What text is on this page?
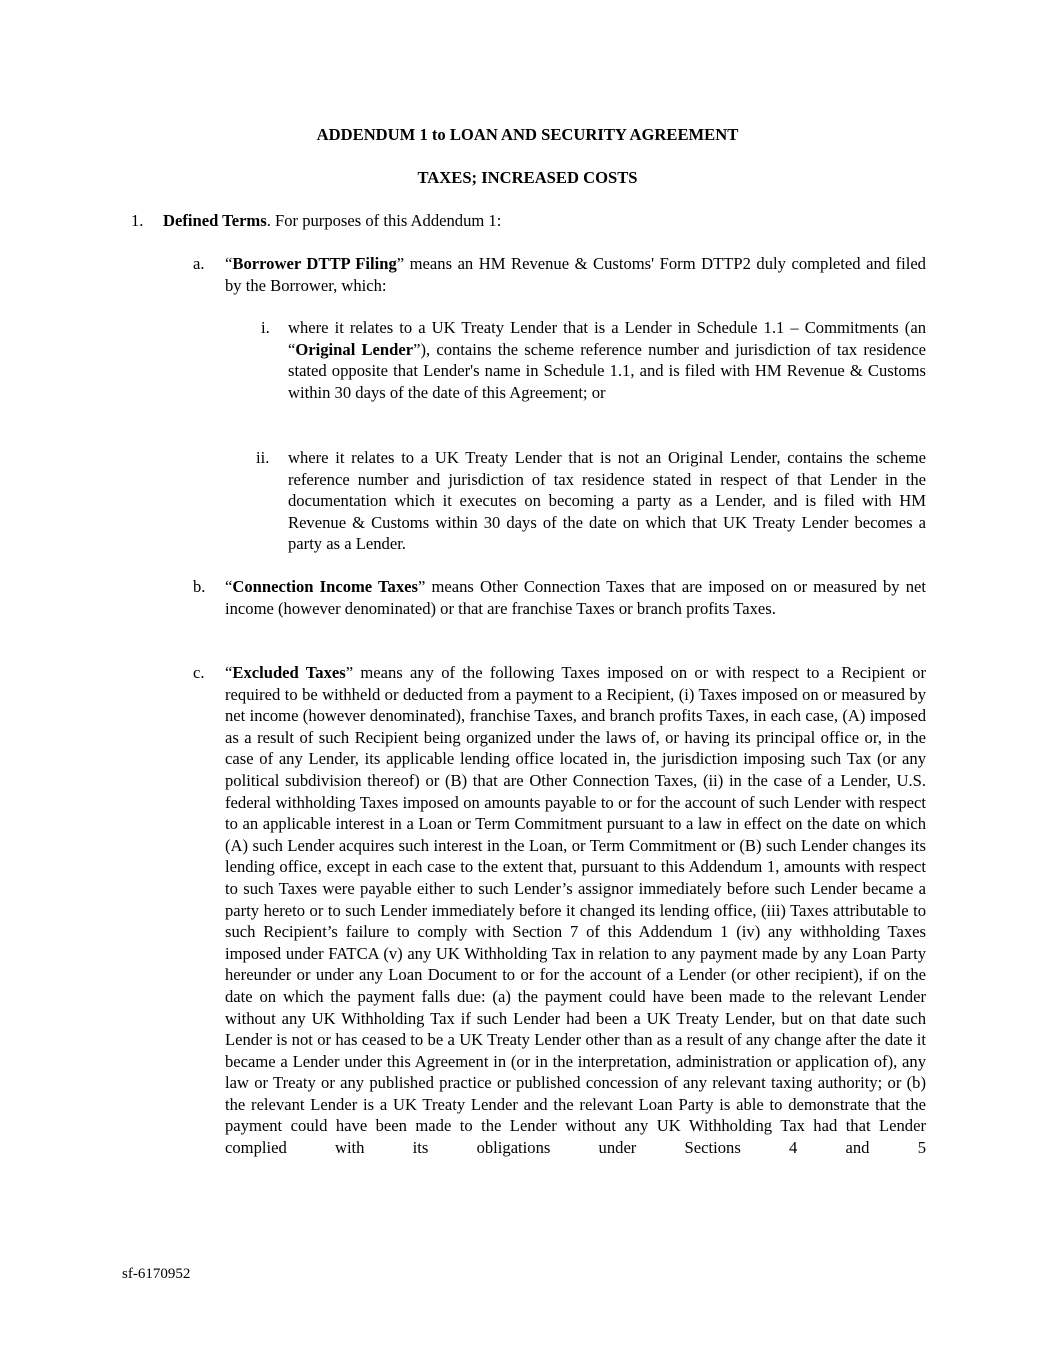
ADDENDUM 1 to LOAN AND SECURITY AGREEMENT
TAXES; INCREASED COSTS
1. Defined Terms. For purposes of this Addendum 1:
a. “Borrower DTTP Filing” means an HM Revenue & Customs' Form DTTP2 duly completed and filed by the Borrower, which:
i. where it relates to a UK Treaty Lender that is a Lender in Schedule 1.1 – Commitments (an “Original Lender”), contains the scheme reference number and jurisdiction of tax residence stated opposite that Lender's name in Schedule 1.1, and is filed with HM Revenue & Customs within 30 days of the date of this Agreement; or
ii. where it relates to a UK Treaty Lender that is not an Original Lender, contains the scheme reference number and jurisdiction of tax residence stated in respect of that Lender in the documentation which it executes on becoming a party as a Lender, and is filed with HM Revenue & Customs within 30 days of the date on which that UK Treaty Lender becomes a party as a Lender.
b. “Connection Income Taxes” means Other Connection Taxes that are imposed on or measured by net income (however denominated) or that are franchise Taxes or branch profits Taxes.
c. “Excluded Taxes” means any of the following Taxes imposed on or with respect to a Recipient or required to be withheld or deducted from a payment to a Recipient, (i) Taxes imposed on or measured by net income (however denominated), franchise Taxes, and branch profits Taxes, in each case, (A) imposed as a result of such Recipient being organized under the laws of, or having its principal office or, in the case of any Lender, its applicable lending office located in, the jurisdiction imposing such Tax (or any political subdivision thereof) or (B) that are Other Connection Taxes, (ii) in the case of a Lender, U.S. federal withholding Taxes imposed on amounts payable to or for the account of such Lender with respect to an applicable interest in a Loan or Term Commitment pursuant to a law in effect on the date on which (A) such Lender acquires such interest in the Loan, or Term Commitment or (B) such Lender changes its lending office, except in each case to the extent that, pursuant to this Addendum 1, amounts with respect to such Taxes were payable either to such Lender’s assignor immediately before such Lender became a party hereto or to such Lender immediately before it changed its lending office, (iii) Taxes attributable to such Recipient’s failure to comply with Section 7 of this Addendum 1 (iv) any withholding Taxes imposed under FATCA (v) any UK Withholding Tax in relation to any payment made by any Loan Party hereunder or under any Loan Document to or for the account of a Lender (or other recipient), if on the date on which the payment falls due: (a) the payment could have been made to the relevant Lender without any UK Withholding Tax if such Lender had been a UK Treaty Lender, but on that date such Lender is not or has ceased to be a UK Treaty Lender other than as a result of any change after the date it became a Lender under this Agreement in (or in the interpretation, administration or application of), any law or Treaty or any published practice or published concession of any relevant taxing authority; or (b) the relevant Lender is a UK Treaty Lender and the relevant Loan Party is able to demonstrate that the payment could have been made to the Lender without any UK Withholding Tax had that Lender complied with its obligations under Sections 4 and 5
sf-6170952
